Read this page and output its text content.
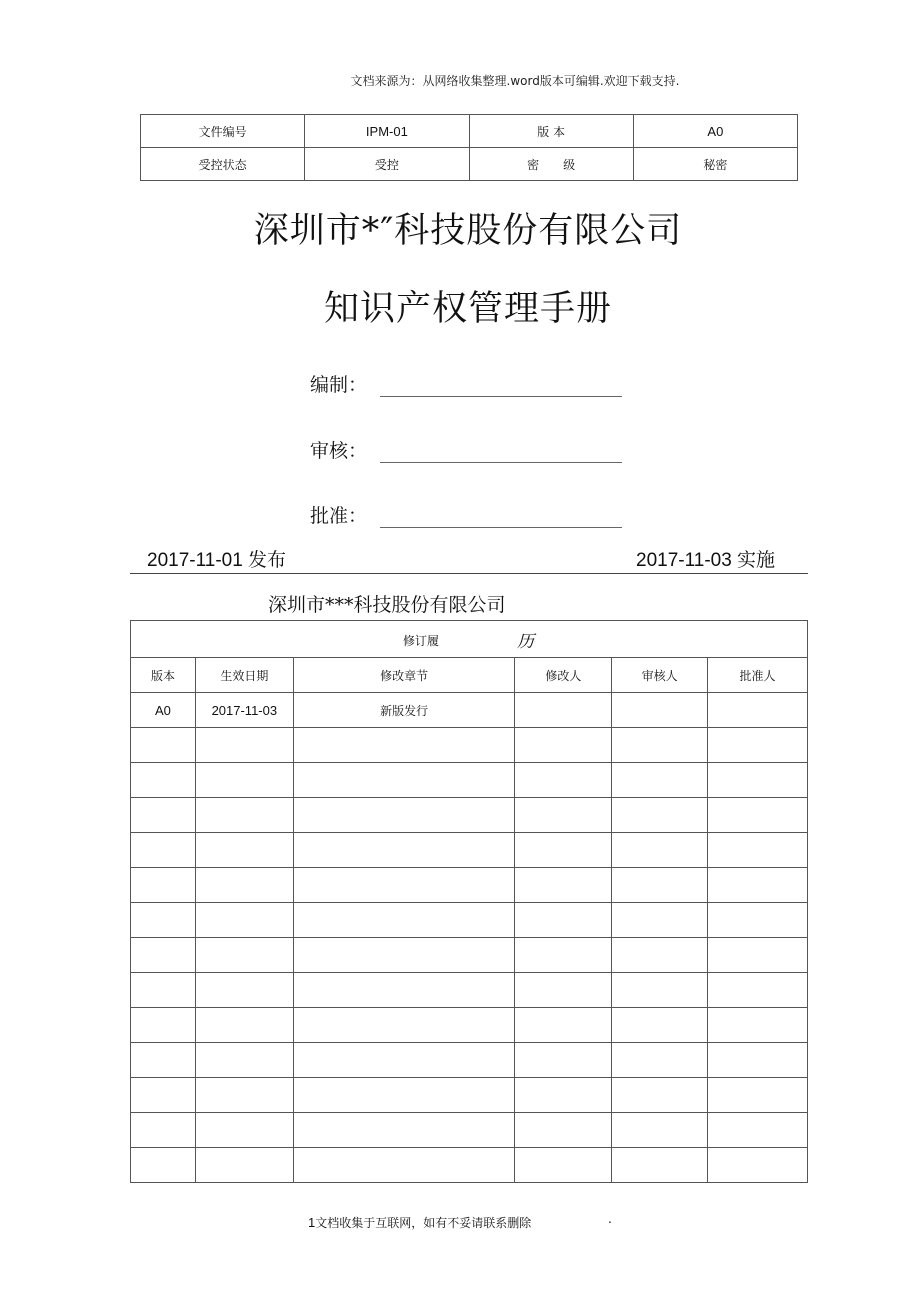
文档来源为：从网络收集整理.word版本可编辑.欢迎下载支持.
文件编号	IPM-01	版 本	A0
受控状态	受控	密　　级	秘密
深圳市*″科技股份有限公司
知识产权管理手册
编制：
审核：
批准：
2017-11-01 发布	2017-11-03 实施
深圳市***科技股份有限公司
修订履 历					

版本	生效日期	修改章节	修改人	审核人	批准人
A0	2017-11-03	新版发行			

1文档收集于互联网，如有不妥请联系删除	.
